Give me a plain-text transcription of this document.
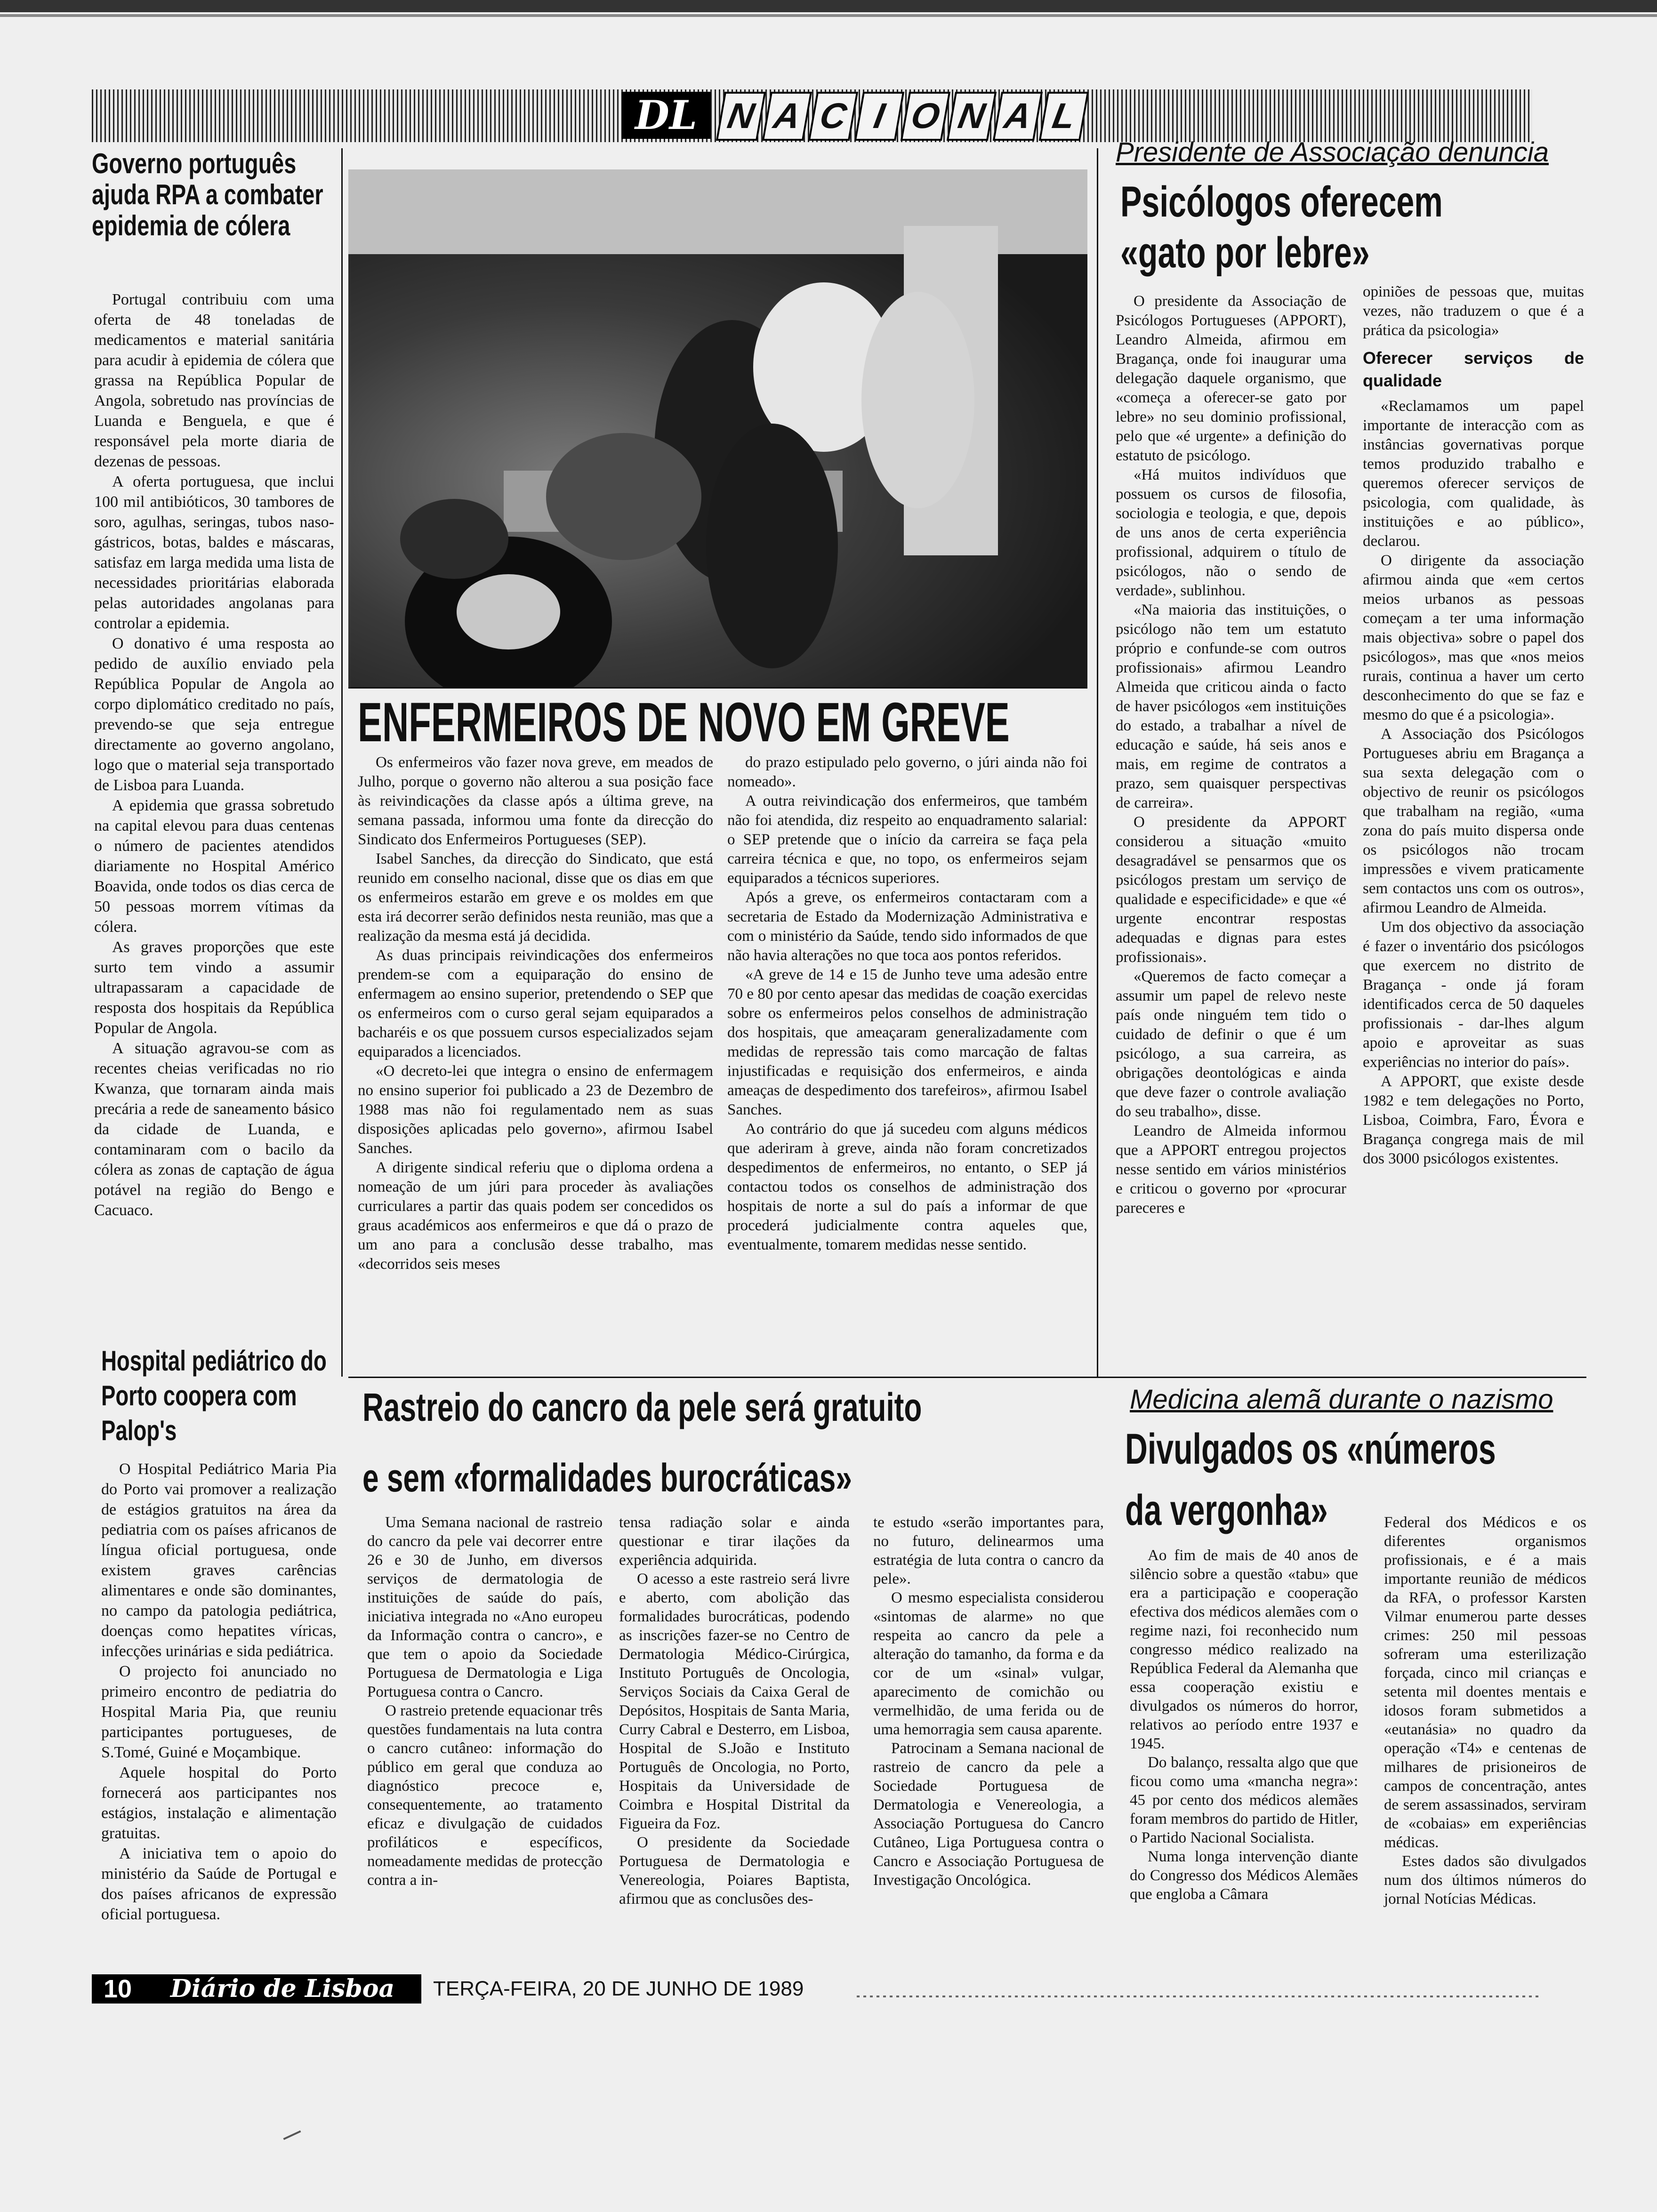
DL N A C I O N A L
Governo português ajuda RPA a combater epidemia de cólera

Portugal contribuiu com uma oferta de 48 toneladas de medicamentos e material sanitária para acudir à epidemia de cólera que grassa na República Popular de Angola, sobretudo nas províncias de Luanda e Benguela, e que é responsável pela morte diaria de dezenas de pessoas.

A oferta portuguesa, que inclui 100 mil antibióticos, 30 tambores de soro, agulhas, seringas, tubos naso-gástricos, botas, baldes e máscaras, satisfaz em larga medida uma lista de necessidades prioritárias elaborada pelas autoridades angolanas para controlar a epidemia.

O donativo é uma resposta ao pedido de auxílio enviado pela República Popular de Angola ao corpo diplomático creditado no país, prevendo-se que seja entregue directamente ao governo angolano, logo que o material seja transportado de Lisboa para Luanda.

A epidemia que grassa sobretudo na capital elevou para duas centenas o número de pacientes atendidos diariamente no Hospital Américo Boavida, onde todos os dias cerca de 50 pessoas morrem vítimas da cólera.

As graves proporções que este surto tem vindo a assumir ultrapassaram a capacidade de resposta dos hospitais da República Popular de Angola.

A situação agravou-se com as recentes cheias verificadas no rio Kwanza, que tornaram ainda mais precária a rede de saneamento básico da cidade de Luanda, e contaminaram com o bacilo da cólera as zonas de captação de água potável na região do Bengo e Cacuaco.

Hospital pediátrico do Porto coopera com Palop's

O Hospital Pediátrico Maria Pia do Porto vai promover a realização de estágios gratuitos na área da pediatria com os países africanos de língua oficial portuguesa, onde existem graves carências alimentares e onde são dominantes, no campo da patologia pediátrica, doenças como hepatites víricas, infecções urinárias e sida pediátrica.

O projecto foi anunciado no primeiro encontro de pediatria do Hospital Maria Pia, que reuniu participantes portugueses, de S.Tomé, Guiné e Moçambique.

Aquele hospital do Porto fornecerá aos participantes nos estágios, instalação e alimentação gratuitas.

A iniciativa tem o apoio do ministério da Saúde de Portugal e dos países africanos de expressão oficial portuguesa.

ENFERMEIROS DE NOVO EM GREVE

Os enfermeiros vão fazer nova greve, em meados de Julho, porque o governo não alterou a sua posição face às reivindicações da classe após a última greve, na semana passada, informou uma fonte da direcção do Sindicato dos Enfermeiros Portugueses (SEP).

Isabel Sanches, da direcção do Sindicato, que está reunido em conselho nacional, disse que os dias em que os enfermeiros estarão em greve e os moldes em que esta irá decorrer serão definidos nesta reunião, mas que a realização da mesma está já decidida.

As duas principais reivindicações dos enfermeiros prendem-se com a equiparação do ensino de enfermagem ao ensino superior, pretendendo o SEP que os enfermeiros com o curso geral sejam equiparados a bacharéis e os que possuem cursos especializados sejam equiparados a licenciados.

«O decreto-lei que integra o ensino de enfermagem no ensino superior foi publicado a 23 de Dezembro de 1988 mas não foi regulamentado nem as suas disposições aplicadas pelo governo», afirmou Isabel Sanches.

A dirigente sindical referiu que o diploma ordena a nomeação de um júri para proceder às avaliações curriculares a partir das quais podem ser concedidos os graus académicos aos enfermeiros e que dá o prazo de um ano para a conclusão desse trabalho, mas «decorridos seis meses

do prazo estipulado pelo governo, o júri ainda não foi nomeado».

A outra reivindicação dos enfermeiros, que também não foi atendida, diz respeito ao enquadramento salarial: o SEP pretende que o início da carreira se faça pela carreira técnica e que, no topo, os enfermeiros sejam equiparados a técnicos superiores.

Após a greve, os enfermeiros contactaram com a secretaria de Estado da Modernização Administrativa e com o ministério da Saúde, tendo sido informados de que não havia alterações no que toca aos pontos referidos.

«A greve de 14 e 15 de Junho teve uma adesão entre 70 e 80 por cento apesar das medidas de coação exercidas sobre os enfermeiros pelos conselhos de administração dos hospitais, que ameaçaram generalizadamente com medidas de repressão tais como marcação de faltas injustificadas e requisição dos enfermeiros, e ainda ameaças de despedimento dos tarefeiros», afirmou Isabel Sanches.

Ao contrário do que já sucedeu com alguns médicos que aderiram à greve, ainda não foram concretizados despedimentos de enfermeiros, no entanto, o SEP já contactou todos os conselhos de administração dos hospitais de norte a sul do país a informar de que procederá judicialmente contra aqueles que, eventualmente, tomarem medidas nesse sentido.

Presidente de Associação denuncia
Psicólogos oferecem «gato por lebre»

O presidente da Associação de Psicólogos Portugueses (APPORT), Leandro Almeida, afirmou em Bragança, onde foi inaugurar uma delegação daquele organismo, que «começa a oferecer-se gato por lebre» no seu dominio profissional, pelo que «é urgente» a definição do estatuto de psicólogo.

«Há muitos indivíduos que possuem os cursos de filosofia, sociologia e teologia, e que, depois de uns anos de certa experiência profissional, adquirem o título de psicólogos, não o sendo de verdade», sublinhou.

«Na maioria das instituições, o psicólogo não tem um estatuto próprio e confunde-se com outros profissionais» afirmou Leandro Almeida que criticou ainda o facto de haver psicólogos «em instituições do estado, a trabalhar a nível de educação e saúde, há seis anos e mais, em regime de contratos a prazo, sem quaisquer perspectivas de carreira».

O presidente da APPORT considerou a situação «muito desagradável se pensarmos que os psicólogos prestam um serviço de qualidade e especificidade» e que «é urgente encontrar respostas adequadas e dignas para estes profissionais».

«Queremos de facto começar a assumir um papel de relevo neste país onde ninguém tem tido o cuidado de definir o que é um psicólogo, a sua carreira, as obrigações deontológicas e ainda que deve fazer o controle avaliação do seu trabalho», disse.

Leandro de Almeida informou que a APPORT entregou projectos nesse sentido em vários ministérios e criticou o governo por «procurar pareceres e

opiniões de pessoas que, muitas vezes, não traduzem o que é a prática da psicologia»

Oferecer serviços de qualidade

«Reclamamos um papel importante de interacção com as instâncias governativas porque temos produzido trabalho e queremos oferecer serviços de psicologia, com qualidade, às instituições e ao público», declarou.

O dirigente da associação afirmou ainda que «em certos meios urbanos as pessoas começam a ter uma informação mais objectiva» sobre o papel dos psicólogos», mas que «nos meios rurais, continua a haver um certo desconhecimento do que se faz e mesmo do que é a psicologia».

A Associação dos Psicólogos Portugueses abriu em Bragança a sua sexta delegação com o objectivo de reunir os psicólogos que trabalham na região, «uma zona do país muito dispersa onde os psicólogos não trocam impressões e vivem praticamente sem contactos uns com os outros», afirmou Leandro de Almeida.

Um dos objectivo da associação é fazer o inventário dos psicólogos que exercem no distrito de Bragança - onde já foram identificados cerca de 50 daqueles profissionais - dar-lhes algum apoio e aproveitar as suas experiências no interior do país».

A APPORT, que existe desde 1982 e tem delegações no Porto, Lisboa, Coimbra, Faro, Évora e Bragança congrega mais de mil dos 3000 psicólogos existentes.

Rastreio do cancro da pele será gratuito
e sem «formalidades burocráticas»

Uma Semana nacional de rastreio do cancro da pele vai decorrer entre 26 e 30 de Junho, em diversos serviços de dermatologia de instituições de saúde do país, iniciativa integrada no «Ano europeu da Informação contra o cancro», e que tem o apoio da Sociedade Portuguesa de Dermatologia e Liga Portuguesa contra o Cancro.

O rastreio pretende equacionar três questões fundamentais na luta contra o cancro cutâneo: informação do público em geral que conduza ao diagnóstico precoce e, consequentemente, ao tratamento eficaz e divulgação de cuidados profiláticos e específicos, nomeadamente medidas de protecção contra a in-

tensa radiação solar e ainda questionar e tirar ilações da experiência adquirida.

O acesso a este rastreio será livre e aberto, com abolição das formalidades burocráticas, podendo as inscrições fazer-se no Centro de Dermatologia Médico-Cirúrgica, Instituto Português de Oncologia, Serviços Sociais da Caixa Geral de Depósitos, Hospitais de Santa Maria, Curry Cabral e Desterro, em Lisboa, Hospital de S.João e Instituto Português de Oncologia, no Porto, Hospitais da Universidade de Coimbra e Hospital Distrital da Figueira da Foz.

O presidente da Sociedade Portuguesa de Dermatologia e Venereologia, Poiares Baptista, afirmou que as conclusões des-

te estudo «serão importantes para, no futuro, delinearmos uma estratégia de luta contra o cancro da pele».

O mesmo especialista considerou «sintomas de alarme» no que respeita ao cancro da pele a alteração do tamanho, da forma e da cor de um «sinal» vulgar, aparecimento de comichão ou vermelhidão, de uma ferida ou de uma hemorragia sem causa aparente.

Patrocinam a Semana nacional de rastreio de cancro da pele a Sociedade Portuguesa de Dermatologia e Venereologia, a Associação Portuguesa do Cancro Cutâneo, Liga Portuguesa contra o Cancro e Associação Portuguesa de Investigação Oncológica.

Medicina alemã durante o nazismo
Divulgados os «números
da vergonha»

Ao fim de mais de 40 anos de silêncio sobre a questão «tabu» que era a participação e cooperação efectiva dos médicos alemães com o regime nazi, foi reconhecido num congresso médico realizado na República Federal da Alemanha que essa cooperação existiu e divulgados os números do horror, relativos ao período entre 1937 e 1945.

Do balanço, ressalta algo que que ficou como uma «mancha negra»: 45 por cento dos médicos alemães foram membros do partido de Hitler, o Partido Nacional Socialista.

Numa longa intervenção diante do Congresso dos Médicos Alemães que engloba a Câmara

Federal dos Médicos e os diferentes organismos profissionais, e é a mais importante reunião de médicos da RFA, o professor Karsten Vilmar enumerou parte desses crimes: 250 mil pessoas sofreram uma esterilização forçada, cinco mil crianças e setenta mil doentes mentais e idosos foram submetidos a «eutanásia» no quadro da operação «T4» e centenas de milhares de prisioneiros de campos de concentração, antes de serem assassinados, serviram de «cobaias» em experiências médicas.

Estes dados são divulgados num dos últimos números do jornal Notícias Médicas.

10	Diário de Lisboa	TERÇA-FEIRA, 20 DE JUNHO DE 1989
